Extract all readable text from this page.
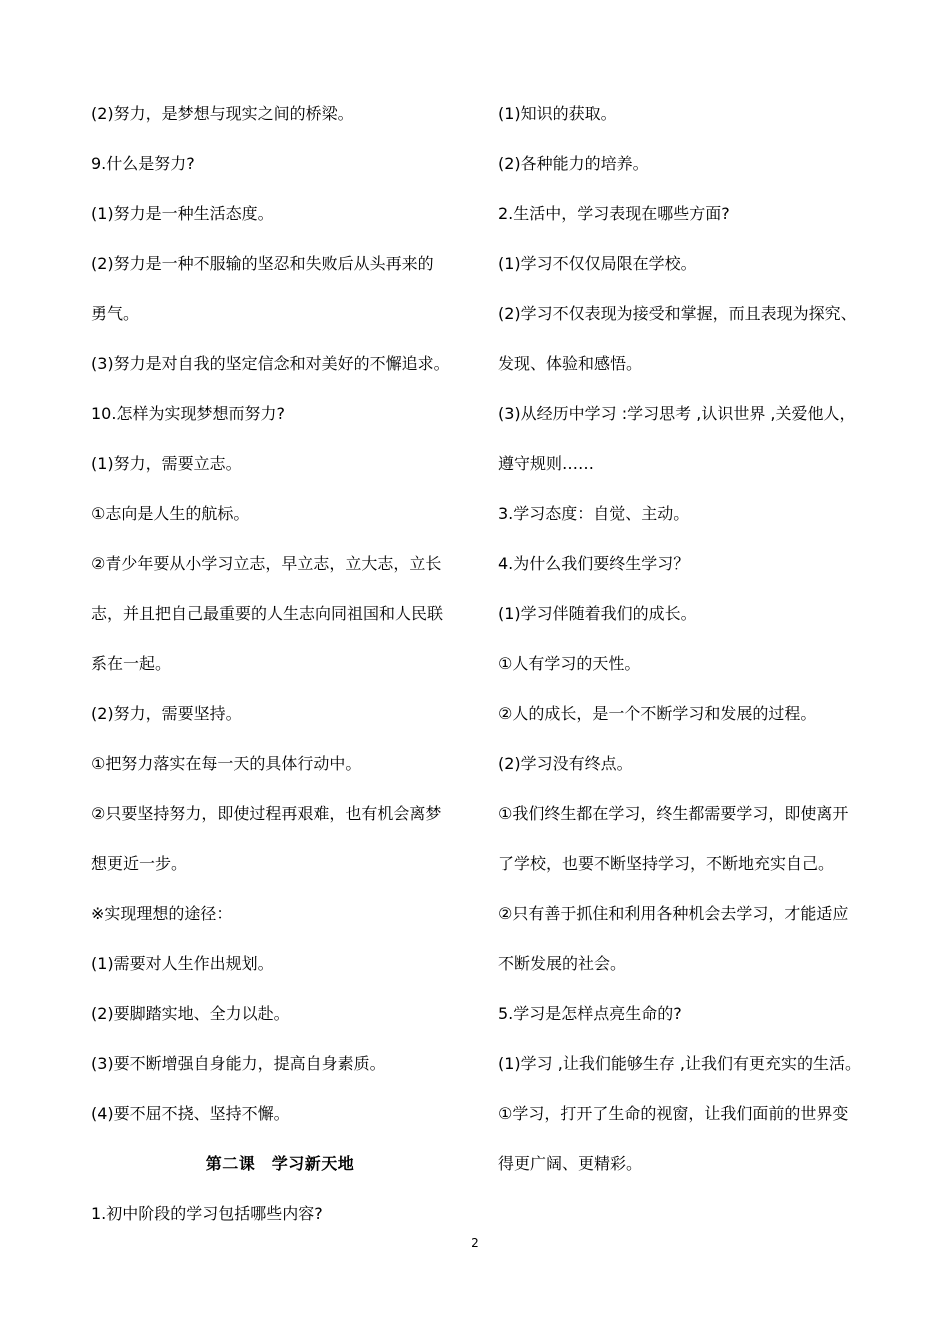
(2)努力，是梦想与现实之间的桥梁。
9.什么是努力?
(1)努力是一种生活态度。
(2)努力是一种不服输的坚忍和失败后从头再来的
勇气。
(3)努力是对自我的坚定信念和对美好的不懈追求。
10.怎样为实现梦想而努力?
(1)努力，需要立志。
①志向是人生的航标。
②青少年要从小学习立志，早立志，立大志，立长
志，并且把自己最重要的人生志向同祖国和人民联
系在一起。
(2)努力，需要坚持。
①把努力落实在每一天的具体行动中。
②只要坚持努力，即使过程再艰难，也有机会离梦
想更近一步。
※实现理想的途径：
(1)需要对人生作出规划。
(2)要脚踏实地、全力以赴。
(3)要不断增强自身能力，提高自身素质。
(4)要不屈不挠、坚持不懈。
第二课　学习新天地
1.初中阶段的学习包括哪些内容?
(1)知识的获取。
(2)各种能力的培养。
2.生活中，学习表现在哪些方面?
(1)学习不仅仅局限在学校。
(2)学习不仅表现为接受和掌握，而且表现为探究、
发现、体验和感悟。
(3)从经历中学习 :学习思考 ,认识世界 ,关爱他人，
遵守规则……
3.学习态度：自觉、主动。
4.为什么我们要终生学习？
(1)学习伴随着我们的成长。
①人有学习的天性。
②人的成长，是一个不断学习和发展的过程。
(2)学习没有终点。
①我们终生都在学习，终生都需要学习，即使离开
了学校，也要不断坚持学习，不断地充实自己。
②只有善于抓住和利用各种机会去学习，才能适应
不断发展的社会。
5.学习是怎样点亮生命的?
(1)学习 ,让我们能够生存 ,让我们有更充实的生活。
①学习，打开了生命的视窗，让我们面前的世界变
得更广阔、更精彩。
2
